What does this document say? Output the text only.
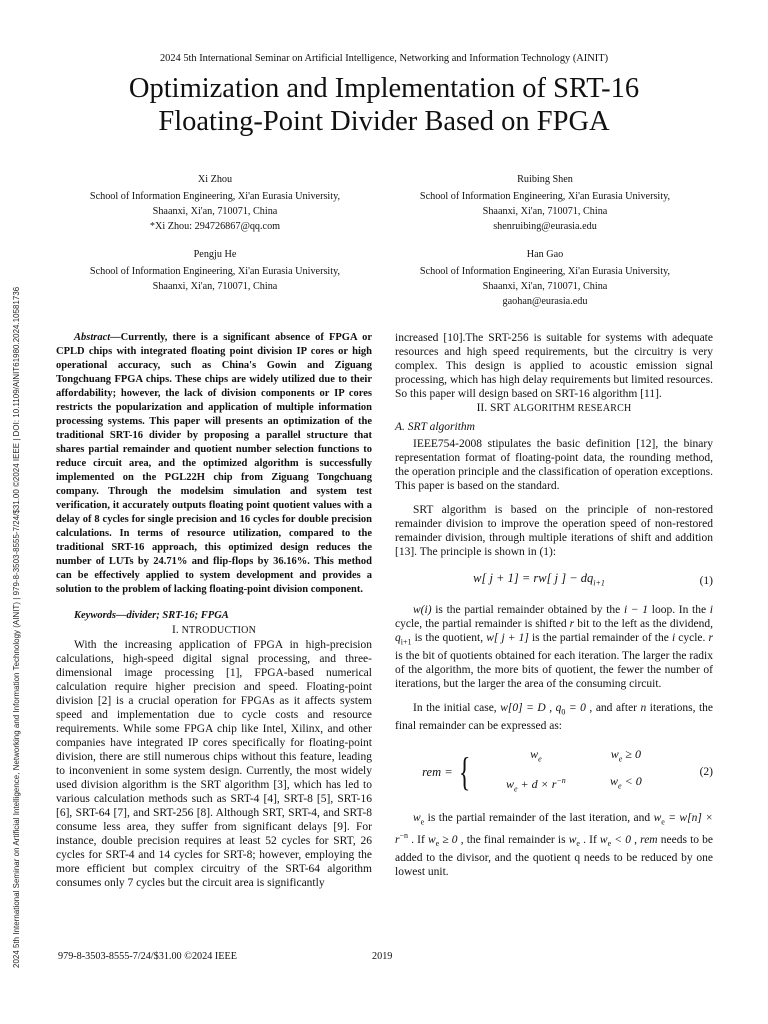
2024 5th International Seminar on Artificial Intelligence, Networking and Information Technology (AINIT) | 979-8-3503-8555-7/24/$31.00 ©2024 IEEE | DOI: 10.1109/AINIT61980.2024.10581736
2024 5th International Seminar on Artificial Intelligence, Networking and Information Technology (AINIT)
Optimization and Implementation of SRT-16
Floating-Point Divider Based on FPGA
Xi Zhou
School of Information Engineering, Xi'an Eurasia University,
Shaanxi, Xi'an, 710071, China
*Xi Zhou: 294726867@qq.com
Ruibing Shen
School of Information Engineering, Xi'an Eurasia University,
Shaanxi, Xi'an, 710071, China
shenruibing@eurasia.edu
Pengju He
School of Information Engineering, Xi'an Eurasia University,
Shaanxi, Xi'an, 710071, China
Han Gao
School of Information Engineering, Xi'an Eurasia University,
Shaanxi, Xi'an, 710071, China
gaohan@eurasia.edu

Abstract—Currently, there is a significant absence of FPGA or CPLD chips with integrated floating point division IP cores or high operational accuracy, such as China's Gowin and Ziguang Tongchuang FPGA chips. These chips are widely utilized due to their affordability; however, the lack of division components or IP cores restricts the popularization and application of multiple information processing systems. This paper will presents an optimization of the traditional SRT-16 divider by proposing a parallel structure that shares partial remainder and quotient number selection functions to reduce circuit area, and the optimized algorithm is successfully implemented on the PGL22H chip from Ziguang Tongchuang company. Through the modelsim simulation and system test verification, it accurately outputs floating point quotient values with a delay of 8 cycles for single precision and 16 cycles for double precision calculations. In terms of resource utilization, compared to the traditional SRT-16 approach, this optimized design reduces the number of LUTs by 24.71% and flip-flops by 36.16%. This method can be effectively applied to system development and provides a solution to the problem of lacking floating-point division component.

Keywords—divider; SRT-16; FPGA

I. NTRODUCTION

With the increasing application of FPGA in high-precision calculations, high-speed digital signal processing, and three-dimensional image processing [1], FPGA-based numerical calculation require higher precision and speed. Floating-point division [2] is a crucial operation for FPGAs as it affects system speed and implementation due to cycle costs and resource requirements. While some FPGA chip like Intel, Xilinx, and other companies have integrated IP cores specifically for floating-point division, there are still numerous chips without this feature, leading to inconvenient in some system design. Currently, the most widely used division algorithm is the SRT algorithm [3], which has led to various calculation methods such as SRT-4 [4], SRT-8 [5], SRT-16 [6], SRT-64 [7], and SRT-256 [8]. Although SRT, SRT-4, and SRT-8 consume less area, they suffer from significant delays [9]. For instance, double precision requires at least 52 cycles for SRT, 26 cycles for SRT-4 and 14 cycles for SRT-8; however, employing the more efficient but complex circuitry of the SRT-64 algorithm consumes only 7 cycles but the circuit area is significantly

increased [10].The SRT-256 is suitable for systems with adequate resources and high speed requirements, but the circuitry is very complex. This design is applied to acoustic emission signal processing, which has high delay requirements but limited resources. So this paper will design based on SRT-16 algorithm [11].

II. SRT ALGORITHM RESEARCH

A. SRT algorithm

IEEE754-2008 stipulates the basic definition [12], the binary representation format of floating-point data, the rounding method, the operation principle and the classification of operation exceptions. This paper is based on the standard.

SRT algorithm is based on the principle of non-restored remainder division to improve the operation speed of non-restored remainder division, through multiple iterations of shift and addition [13]. The principle is shown in (1):

w[ j + 1] = rw[ j ] − $dq_{i+1}$	(1)

w(i) is the partial remainder obtained by the i − 1 loop. In the i cycle, the partial remainder is shifted r bit to the left as the dividend, $q_{i+1}$ is the quotient, w[ j + 1] is the partial remainder of the i cycle. r is the bit of quotients obtained for each iteration. The larger the radix of the algorithm, the more bits of quotient, the fewer the number of iterations, but the larger the area of the consuming circuit.

In the initial case, w[0] = D , $q_0 = 0$ , and after n iterations, the final remainder can be expressed as:

rem = {	$w_e$	$w_e \ge 0$
$w_e + d \times r^{-n}$	$w_e < 0$
(2)

$w_e$ is the partial remainder of the last iteration, and $w_e = w[n] \times r^{-n}$ . If $w_e \ge 0$ , the final remainder is $w_e$ . If $w_e < 0$ , rem needs to be added to the divisor, and the quotient q needs to be reduced by one lowest unit.

979-8-3503-8555-7/24/$31.00 ©2024 IEEE	2019
